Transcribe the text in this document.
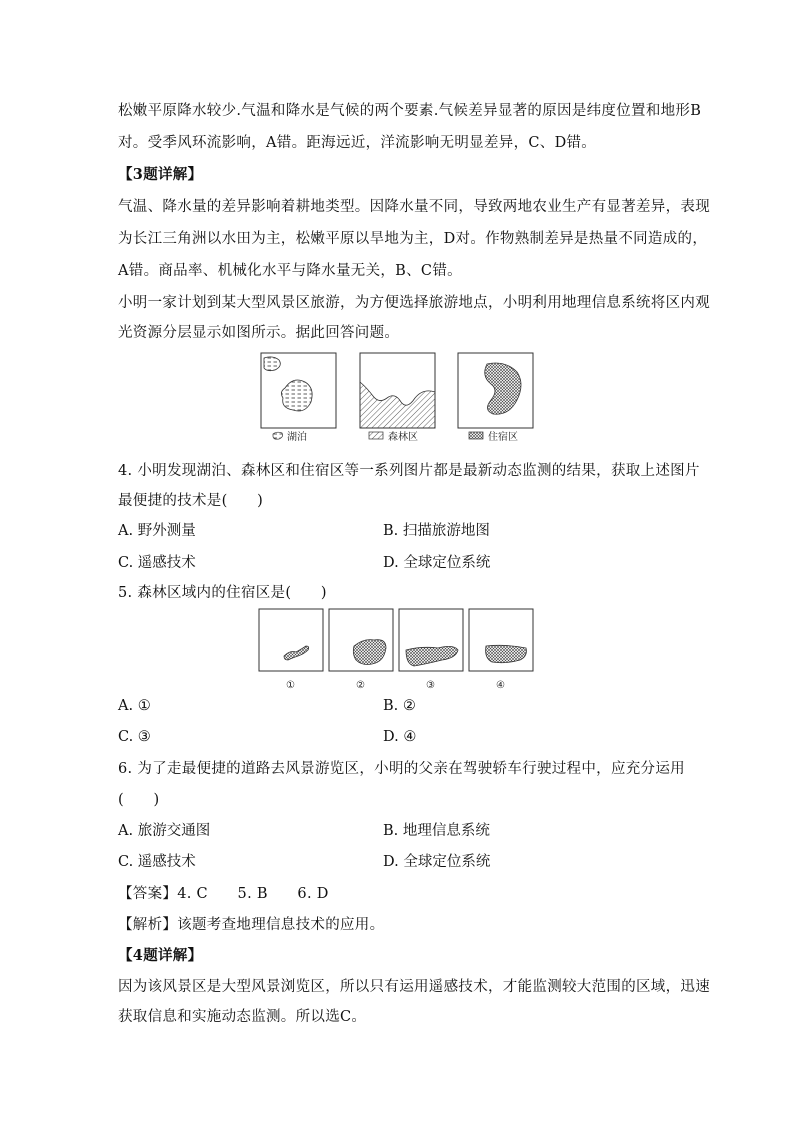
松嫩平原降水较少.气温和降水是气候的两个要素.气候差异显著的原因是纬度位置和地形B
对。受季风环流影响，A错。距海远近，洋流影响无明显差异，C、D错。
【3题详解】
气温、降水量的差异影响着耕地类型。因降水量不同，导致两地农业生产有显著差异，表现
为长江三角洲以水田为主，松嫩平原以旱地为主，D对。作物熟制差异是热量不同造成的，
A错。商品率、机械化水平与降水量无关，B、C错。
小明一家计划到某大型风景区旅游，为方便选择旅游地点，小明利用地理信息系统将区内观
光资源分层显示如图所示。据此回答问题。
湖泊	森林区	住宿区
4. 小明发现湖泊、森林区和住宿区等一系列图片都是最新动态监测的结果，获取上述图片
最便捷的技术是(　　)
A. 野外测量	B. 扫描旅游地图
C. 遥感技术	D. 全球定位系统
5. 森林区域内的住宿区是(　　)
①	②	③	④
A. ①	B. ②
C. ③	D. ④
6. 为了走最便捷的道路去风景游览区，小明的父亲在驾驶轿车行驶过程中，应充分运用
(　　)
A. 旅游交通图	B. 地理信息系统
C. 遥感技术	D. 全球定位系统
【答案】4. C　　5. B　　6. D
【解析】该题考查地理信息技术的应用。
【4题详解】
因为该风景区是大型风景浏览区，所以只有运用遥感技术，才能监测较大范围的区域，迅速
获取信息和实施动态监测。所以选C。
